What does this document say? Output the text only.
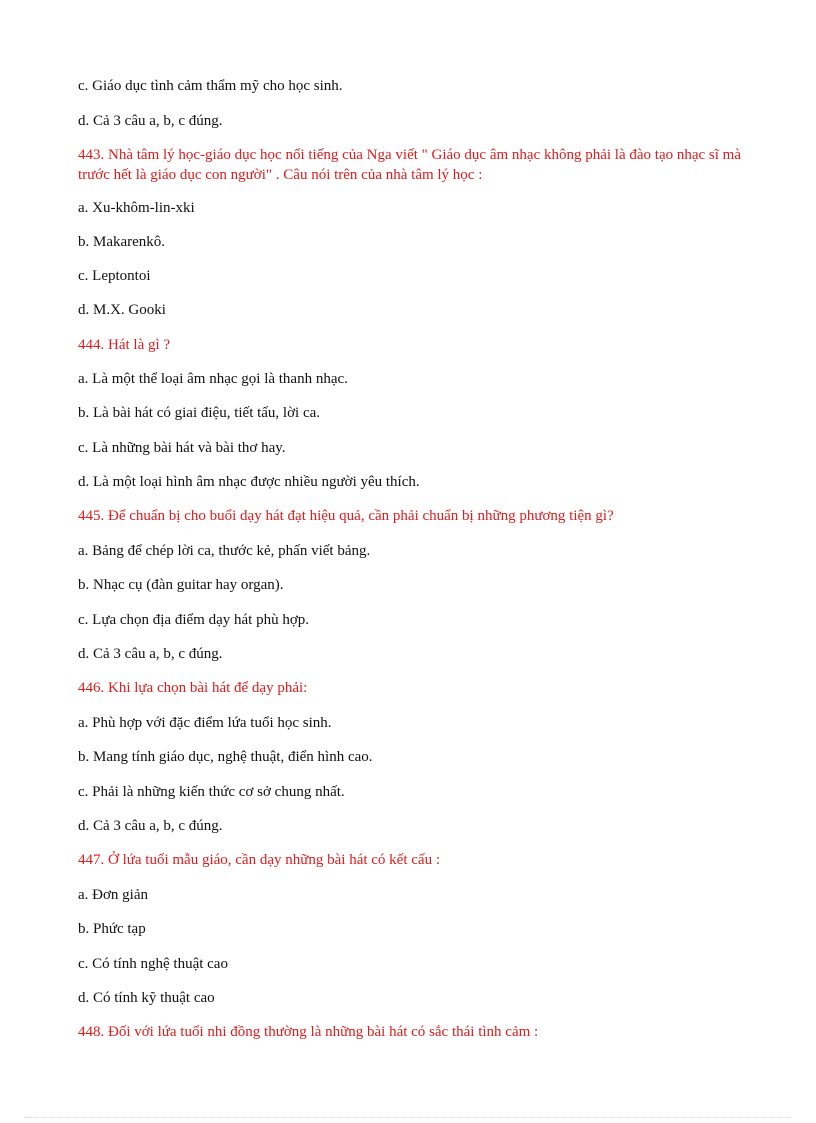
c. Giáo dục tình cảm thẩm mỹ cho học sinh.
d. Cả 3 câu a, b, c đúng.
443. Nhà tâm lý học-giáo dục học nổi tiếng của Nga viết " Giáo dục âm nhạc không phải là đào tạo nhạc sĩ mà trước hết là giáo dục con người" . Câu nói trên của nhà tâm lý học :
a. Xu-khôm-lin-xki
b. Makarenkô.
c. Leptontoi
d. M.X. Gooki
444. Hát là gì ?
a. Là một thể loại âm nhạc gọi là thanh nhạc.
b. Là bài hát có giai điệu, tiết tấu, lời ca.
c. Là những bài hát và bài thơ hay.
d. Là một loại hình âm nhạc được nhiều người yêu thích.
445. Để chuẩn bị cho buổi dạy hát đạt hiệu quả, cần phải chuẩn bị những phương tiện gì?
a. Bảng để chép lời ca, thước kẻ, phấn viết bảng.
b. Nhạc cụ (đàn guitar hay organ).
c. Lựa chọn địa điểm dạy hát phù hợp.
d. Cả 3 câu a, b, c đúng.
446. Khi lựa chọn bài hát để dạy phải:
a. Phù hợp với đặc điểm lứa tuổi học sinh.
b. Mang tính giáo dục, nghệ thuật, điển hình cao.
c. Phải là những kiến thức cơ sở chung nhất.
d. Cả 3 câu a, b, c đúng.
447. Ở lứa tuổi mẫu giáo, cần dạy những bài hát có kết cấu :
a. Đơn giản
b. Phức tạp
c. Có tính nghệ thuật cao
d. Có tính kỹ thuật cao
448. Đối với lứa tuổi nhi đồng thường là những bài hát có sắc thái tình cảm :
